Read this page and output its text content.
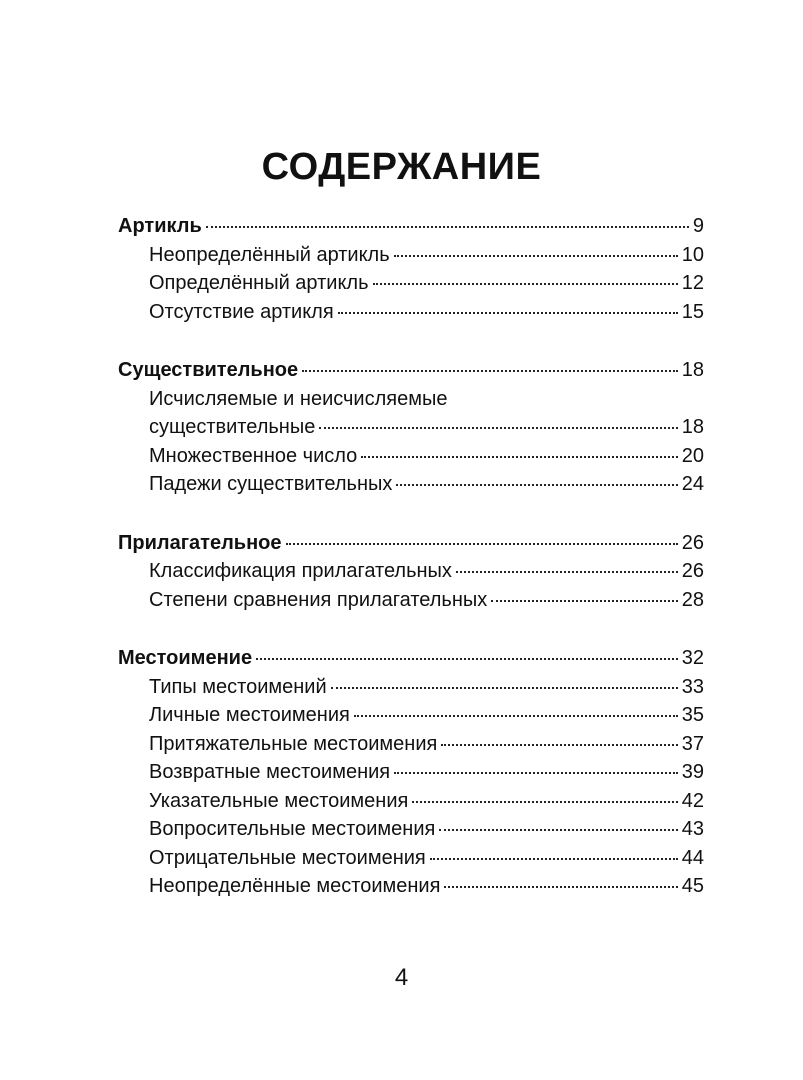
СОДЕРЖАНИЕ
Артикль	9
Неопределённый артикль	10
Определённый артикль	12
Отсутствие артикля	15
Существительное	18
Исчисляемые и неисчисляемые
существительные	18
Множественное число	20
Падежи существительных	24
Прилагательное	26
Классификация прилагательных	26
Степени сравнения прилагательных	28
Местоимение	32
Типы местоимений	33
Личные местоимения	35
Притяжательные местоимения	37
Возвратные местоимения	39
Указательные местоимения	42
Вопросительные местоимения	43
Отрицательные местоимения	44
Неопределённые местоимения	45
4
